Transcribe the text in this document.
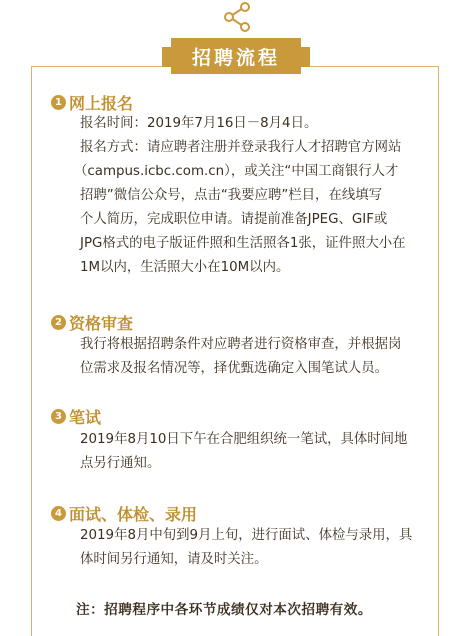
招聘流程
1 网上报名
报名时间：2019年7月16日－8月4日。
报名方式：请应聘者注册并登录我行人才招聘官方网站
（campus.icbc.com.cn），或关注“中国工商银行人才
招聘”微信公众号，点击“我要应聘”栏目，在线填写
个人简历，完成职位申请。请提前准备JPEG、GIF或
JPG格式的电子版证件照和生活照各1张，证件照大小在
1M以内，生活照大小在10M以内。
2 资格审查
我行将根据招聘条件对应聘者进行资格审查，并根据岗
位需求及报名情况等，择优甄选确定入围笔试人员。
3 笔试
2019年8月10日下午在合肥组织统一笔试，具体时间地
点另行通知。
4 面试、体检、录用
2019年8月中旬到9月上旬，进行面试、体检与录用，具
体时间另行通知，请及时关注。
注：招聘程序中各环节成绩仅对本次招聘有效。
